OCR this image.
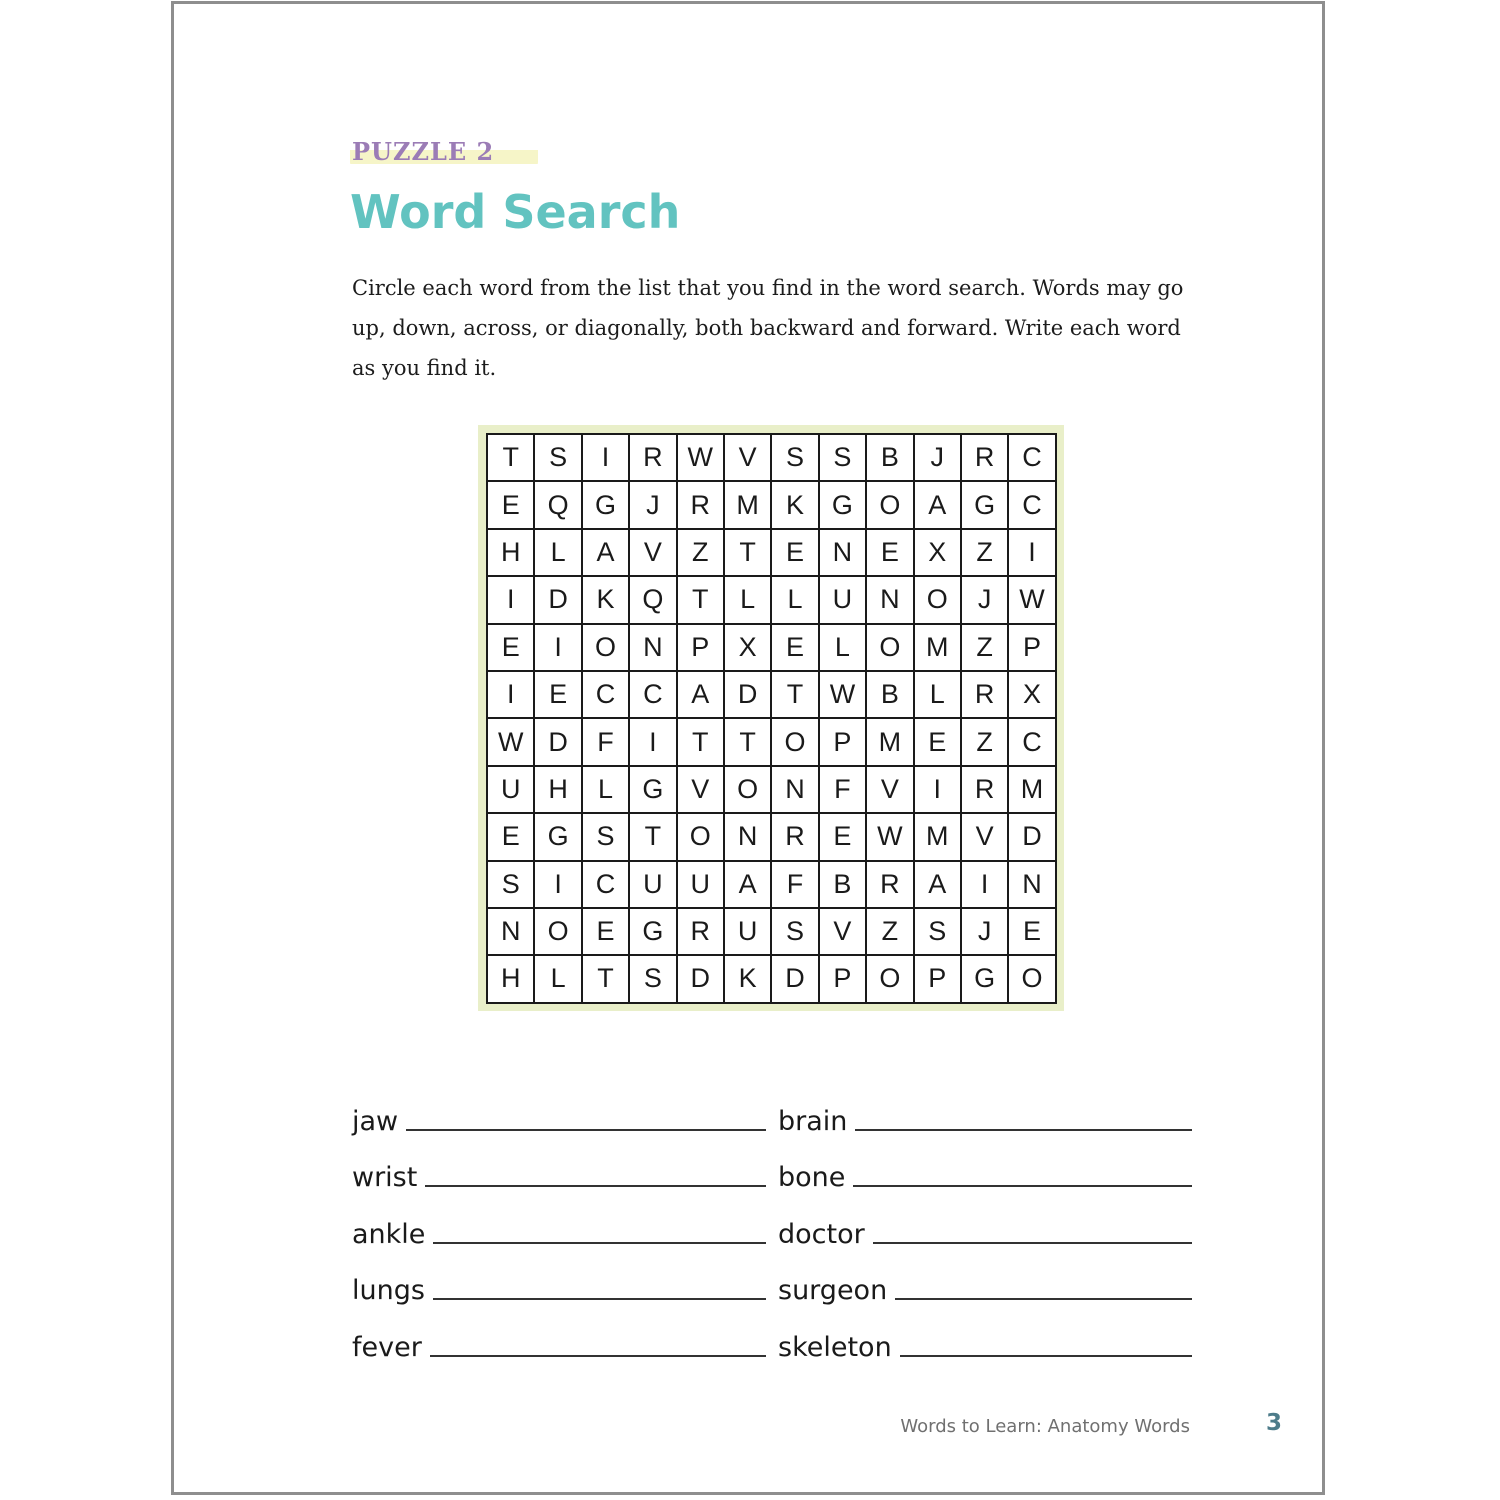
PUZZLE 2
Word Search

Circle each word from the list that you find in the word search. Words may go up, down, across, or diagonally, both backward and forward. Write each word as you find it.

T	S	I	R W V	S	S	B	J	R	C
E	Q G	J	R M	K	G O	A	G	C
H	L	A	V	Z	T	E	N	E	X	Z	I
I	D	K	Q	T	L	L	U	N	O	J	W
E	I	O	N	P	X	E	L	O M	Z	P
I	E	C	C	A	D	T W B	L	R	X
W D	F	I	T	T	O	P	M	E	Z	C
U	H	L	G	V	O	N	F	V	I	R M
E	G	S	T	O	N	R	E W M	V	D
S	I	C	U	U	A	F	B	R	A	I	N
N	O	E	G	R	U	S	V	Z	S	J	E
H	L	T	S	D	K	D	P	O	P	G O
jaw	brain
wrist	bone
ankle	doctor
lungs	surgeon
fever	skeleton
Words to Learn: Anatomy Words	3
